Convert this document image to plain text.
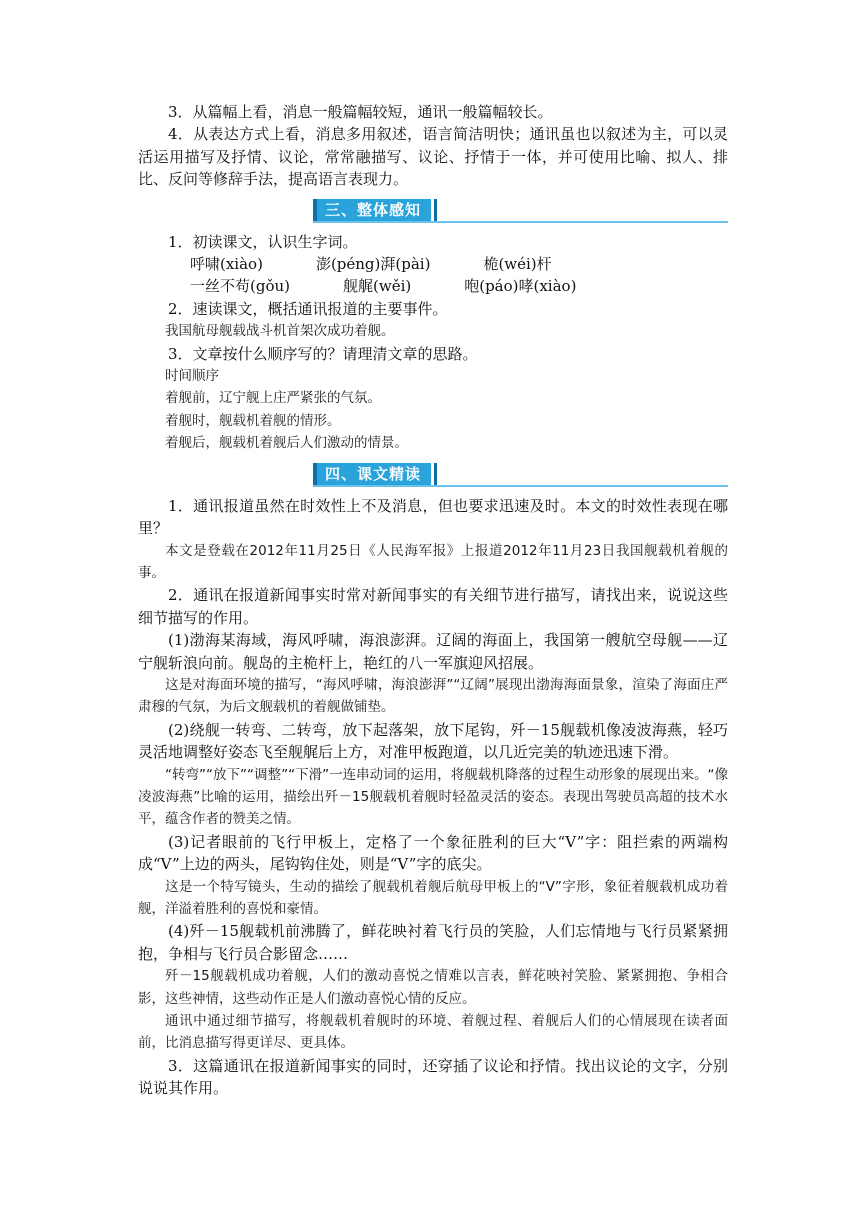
3．从篇幅上看，消息一般篇幅较短，通讯一般篇幅较长。

4．从表达方式上看，消息多用叙述，语言简洁明快；通讯虽也以叙述为主，可以灵活运用描写及抒情、议论，常常融描写、议论、抒情于一体，并可使用比喻、拟人、排比、反问等修辞手法，提高语言表现力。

三、整体感知

1．初读课文，认识生字词。

呼啸(xiào)	澎(péng)湃(pài)	桅(wéi)杆

一丝不苟(gǒu)	舰艉(wěi)	咆(páo)哮(xiào)

2．速读课文，概括通讯报道的主要事件。

我国航母舰载战斗机首架次成功着舰。

3．文章按什么顺序写的？请理清文章的思路。

时间顺序

着舰前，辽宁舰上庄严紧张的气氛。

着舰时，舰载机着舰的情形。

着舰后，舰载机着舰后人们激动的情景。

四、课文精读

1．通讯报道虽然在时效性上不及消息，但也要求迅速及时。本文的时效性表现在哪里？

本文是登载在2012年11月25日《人民海军报》上报道2012年11月23日我国舰载机着舰的事。

2．通讯在报道新闻事实时常对新闻事实的有关细节进行描写，请找出来，说说这些细节描写的作用。

(1)渤海某海域，海风呼啸，海浪澎湃。辽阔的海面上，我国第一艘航空母舰——辽宁舰斩浪向前。舰岛的主桅杆上，艳红的八一军旗迎风招展。

这是对海面环境的描写，“海风呼啸，海浪澎湃”“辽阔”展现出渤海海面景象，渲染了海面庄严肃穆的气氛，为后文舰载机的着舰做铺垫。

(2)绕舰一转弯、二转弯，放下起落架，放下尾钩，歼－15舰载机像凌波海燕，轻巧灵活地调整好姿态飞至舰艉后上方，对准甲板跑道，以几近完美的轨迹迅速下滑。

“转弯”“放下”“调整”“下滑”一连串动词的运用，将舰载机降落的过程生动形象的展现出来。“像凌波海燕”比喻的运用，描绘出歼－15舰载机着舰时轻盈灵活的姿态。表现出驾驶员高超的技术水平，蕴含作者的赞美之情。

(3)记者眼前的飞行甲板上，定格了一个象征胜利的巨大“V”字：阻拦索的两端构成“V”上边的两头，尾钩钩住处，则是“V”字的底尖。

这是一个特写镜头，生动的描绘了舰载机着舰后航母甲板上的“V”字形，象征着舰载机成功着舰，洋溢着胜利的喜悦和豪情。

(4)歼－15舰载机前沸腾了，鲜花映衬着飞行员的笑脸，人们忘情地与飞行员紧紧拥抱，争相与飞行员合影留念……

歼－15舰载机成功着舰，人们的激动喜悦之情难以言表，鲜花映衬笑脸、紧紧拥抱、争相合影，这些神情，这些动作正是人们激动喜悦心情的反应。

通讯中通过细节描写，将舰载机着舰时的环境、着舰过程、着舰后人们的心情展现在读者面前，比消息描写得更详尽、更具体。

3．这篇通讯在报道新闻事实的同时，还穿插了议论和抒情。找出议论的文字，分别说说其作用。
